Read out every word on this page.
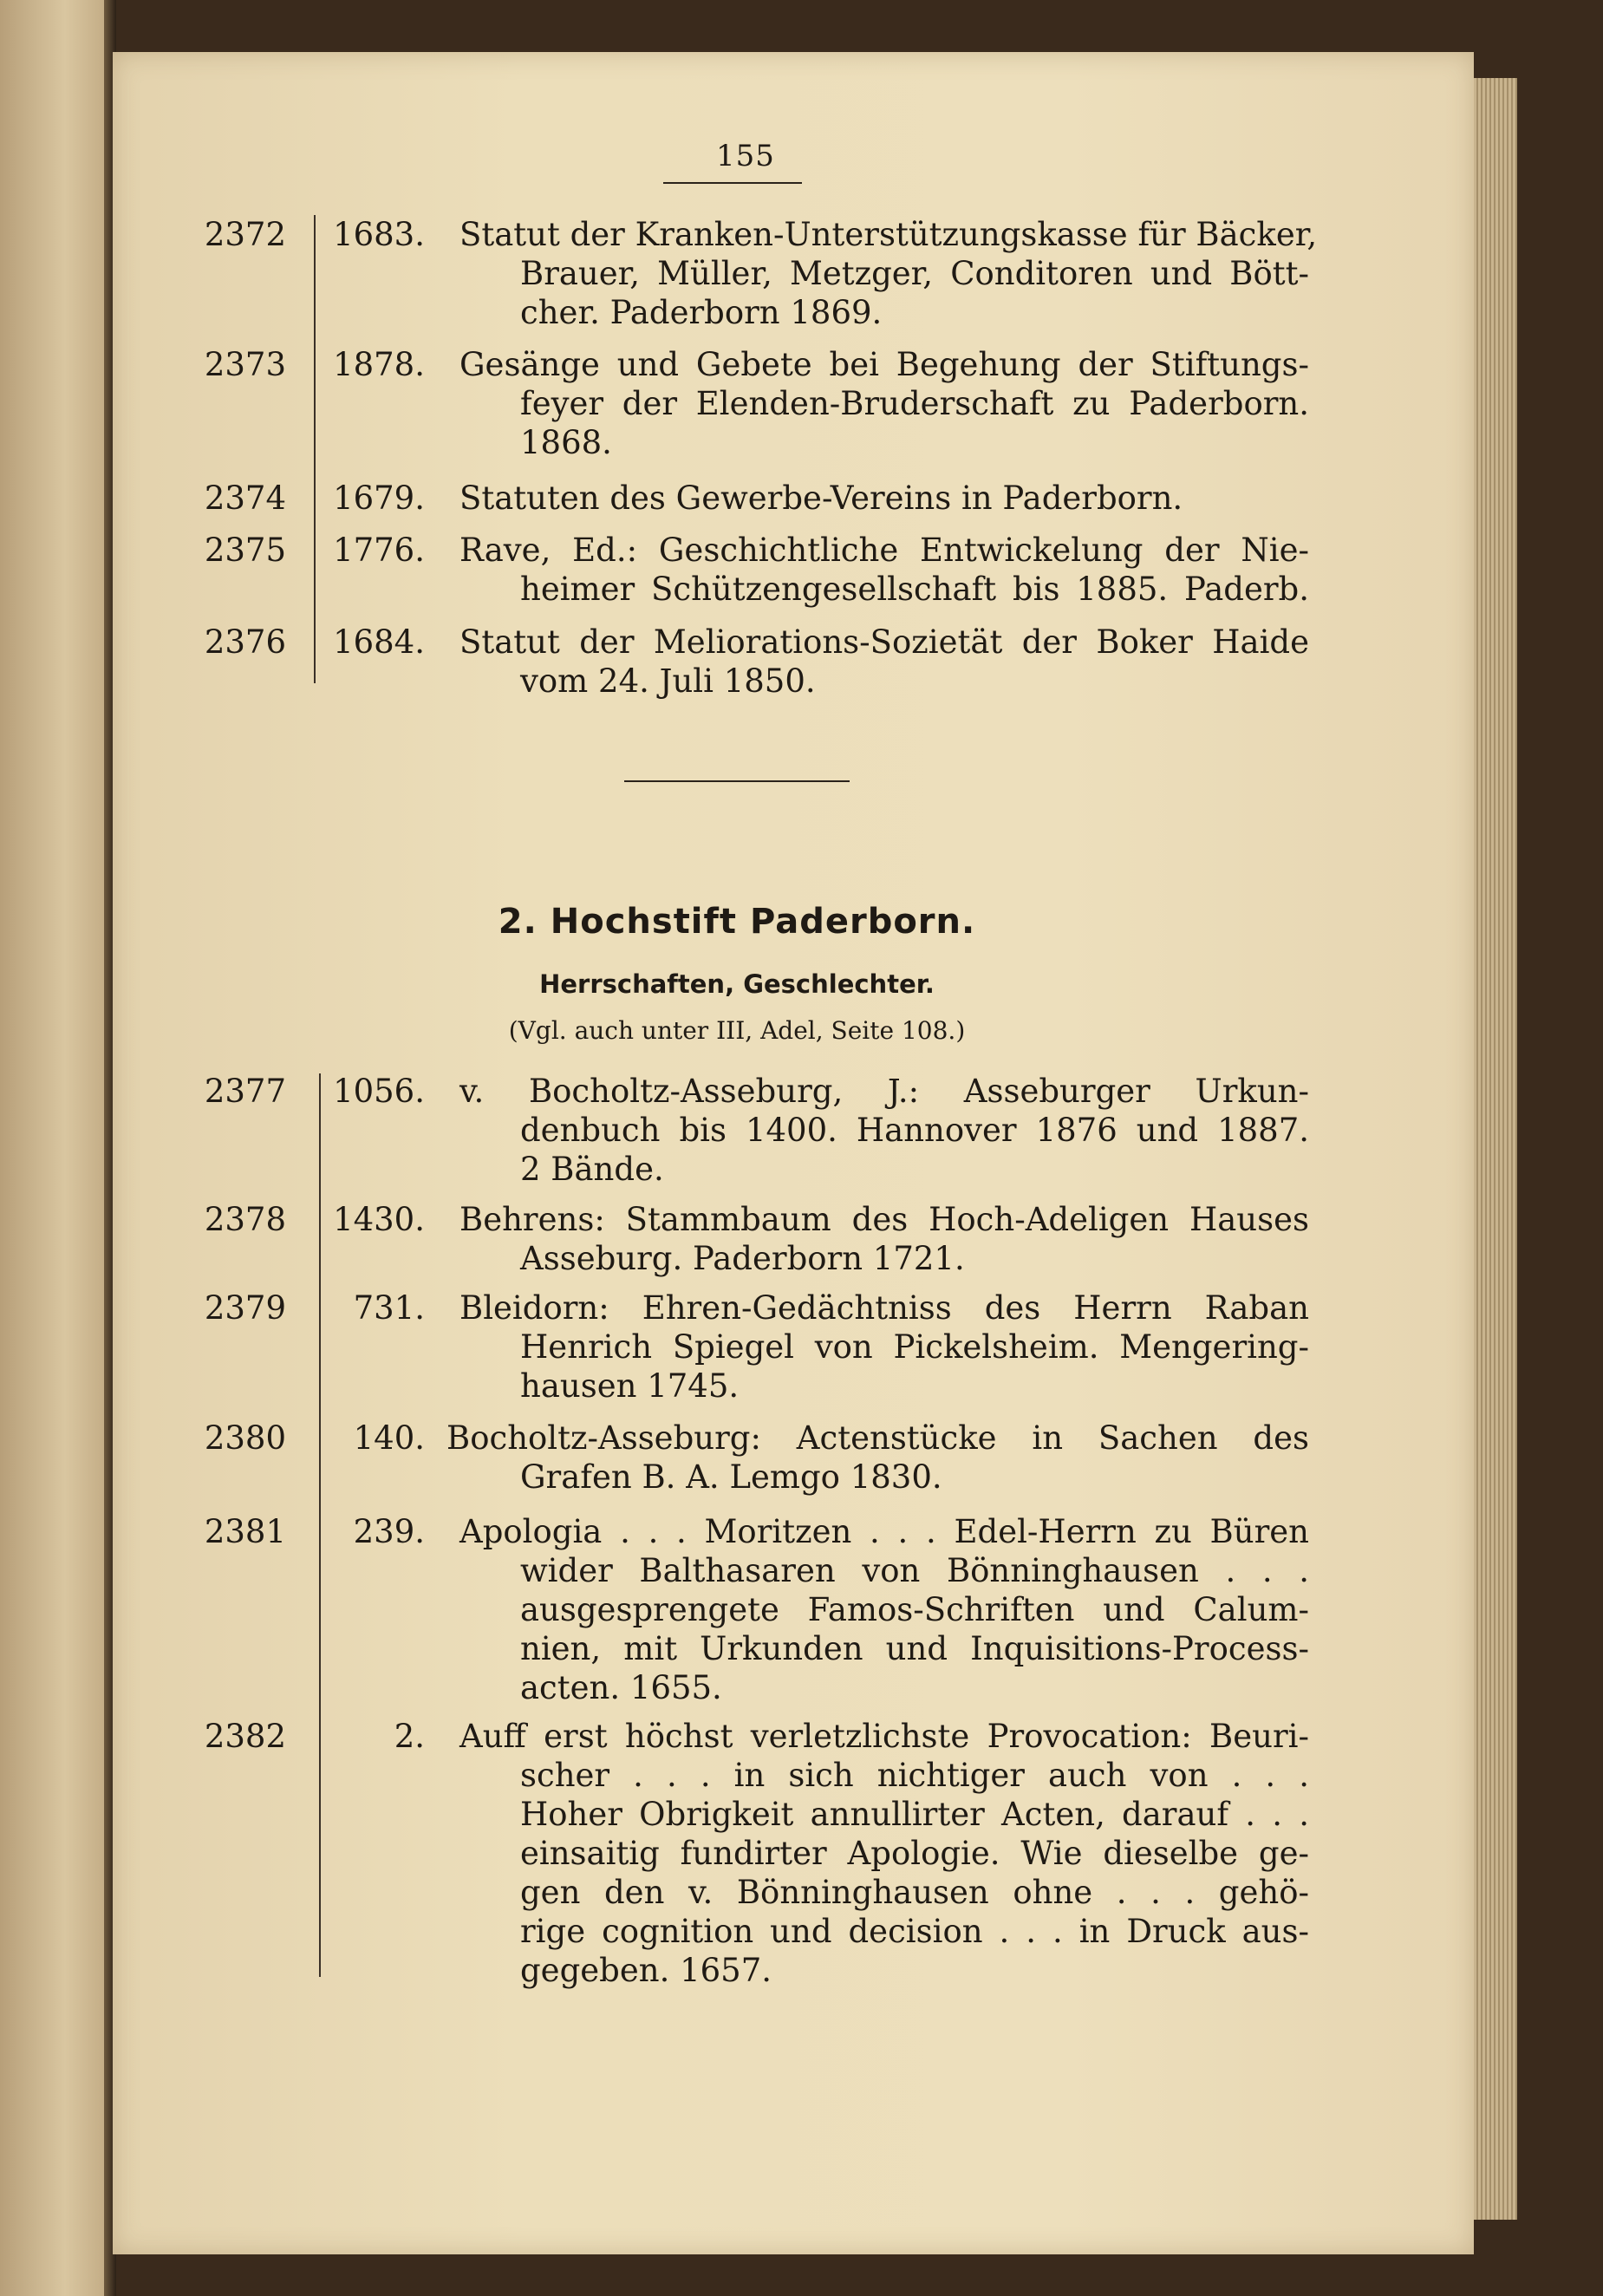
155
2372	1683. Statut der Kranken-Unterstützungskasse für Bäcker,
Brauer, Müller, Metzger, Conditoren und Bött-
cher. Paderborn 1869.
2373	1878. Gesänge und Gebete bei Begehung der Stiftungs-
feyer der Elenden-Bruderschaft zu Paderborn.
1868.
2374	1679. Statuten des Gewerbe-Vereins in Paderborn.
2375	1776. Rave, Ed.: Geschichtliche Entwickelung der Nie-
heimer Schützengesellschaft bis 1885. Paderb.
2376	1684. Statut der Meliorations-Sozietät der Boker Haide
vom 24. Juli 1850.
2. Hochstift Paderborn.
Herrschaften, Geschlechter.
(Vgl. auch unter III, Adel, Seite 108.)
2377	1056. v. Bocholtz-Asseburg, J.: Asseburger Urkun-
denbuch bis 1400. Hannover 1876 und 1887.
2 Bände.
2378	1430. Behrens: Stammbaum des Hoch-Adeligen Hauses
Asseburg. Paderborn 1721.
2379	731. Bleidorn: Ehren-Gedächtniss des Herrn Raban
Henrich Spiegel von Pickelsheim. Mengering-
hausen 1745.
2380	140. Bocholtz-Asseburg: Actenstücke in Sachen des
Grafen B. A. Lemgo 1830.
2381	239. Apologia . . . Moritzen . . . Edel-Herrn zu Büren
wider Balthasaren von Bönninghausen . . .
ausgesprengete Famos-Schriften und Calum-
nien, mit Urkunden und Inquisitions-Process-
acten. 1655.
2382	2. Auff erst höchst verletzlichste Provocation: Beuri-
scher . . . in sich nichtiger auch von . . .
Hoher Obrigkeit annullirter Acten, darauf . . .
einsaitig fundirter Apologie. Wie dieselbe ge-
gen den v. Bönninghausen ohne . . . gehö-
rige cognition und decision . . . in Druck aus-
gegeben. 1657.
